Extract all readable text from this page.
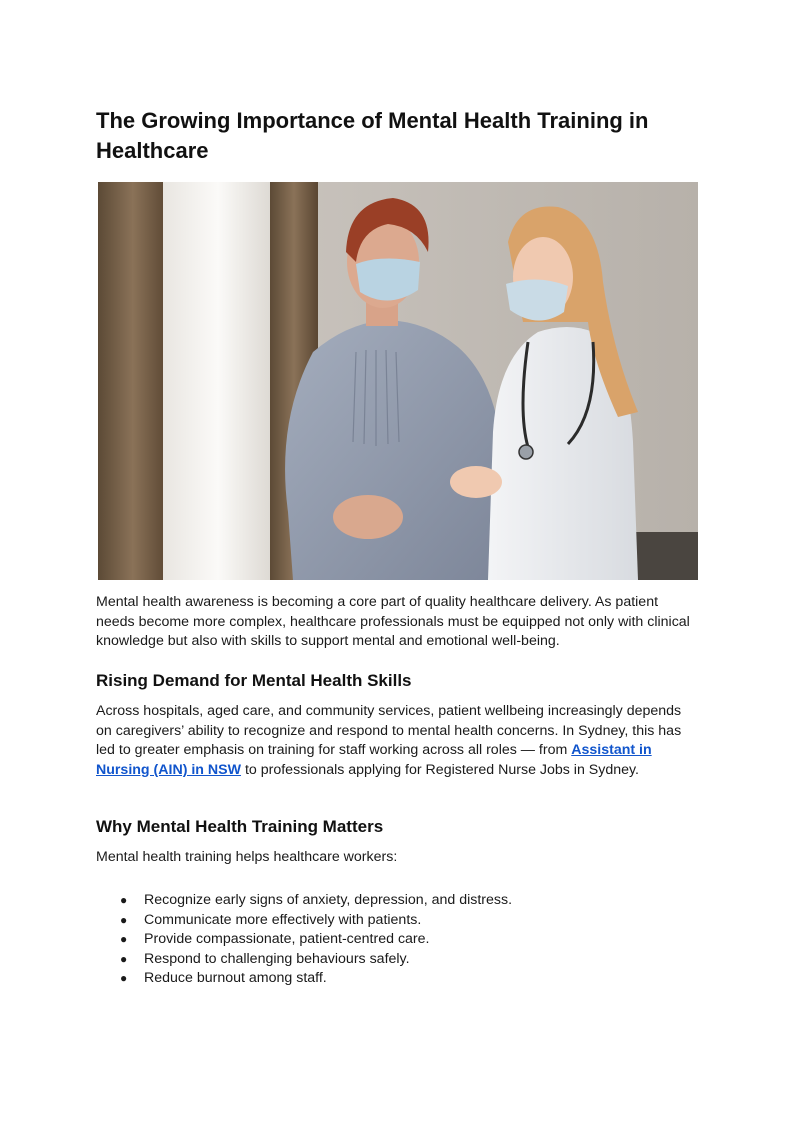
The Growing Importance of Mental Health Training in Healthcare

Mental health awareness is becoming a core part of quality healthcare delivery. As patient needs become more complex, healthcare professionals must be equipped not only with clinical knowledge but also with skills to support mental and emotional well-being.

Rising Demand for Mental Health Skills

Across hospitals, aged care, and community services, patient wellbeing increasingly depends on caregivers’ ability to recognize and respond to mental health concerns. In Sydney, this has led to greater emphasis on training for staff working across all roles — from Assistant in Nursing (AIN) in NSW to professionals applying for Registered Nurse Jobs in Sydney.

Why Mental Health Training Matters

Mental health training helps healthcare workers:

● Recognize early signs of anxiety, depression, and distress.
● Communicate more effectively with patients.
● Provide compassionate, patient-centred care.
● Respond to challenging behaviours safely.
● Reduce burnout among staff.
